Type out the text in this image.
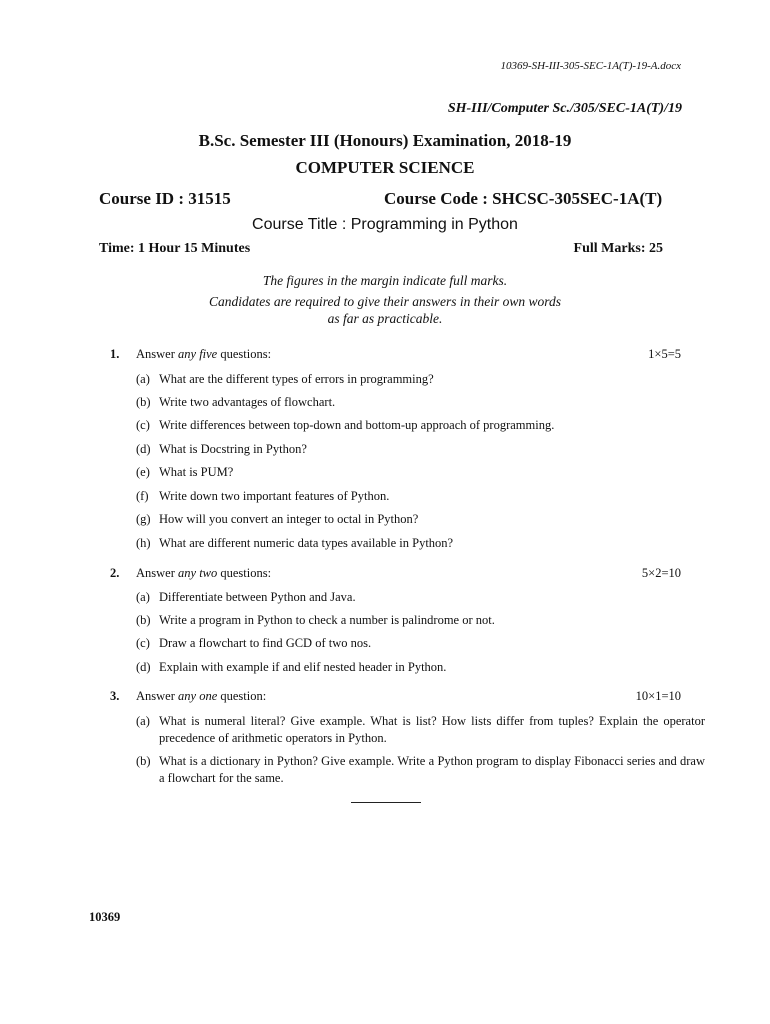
10369-SH-III-305-SEC-1A(T)-19-A.docx
SH-III/Computer Sc./305/SEC-1A(T)/19
B.Sc. Semester III (Honours) Examination, 2018-19
COMPUTER SCIENCE
Course ID : 31515	Course Code : SHCSC-305SEC-1A(T)
Course Title : Programming in Python
Time: 1 Hour 15 Minutes	Full Marks: 25
The figures in the margin indicate full marks.
Candidates are required to give their answers in their own words
as far as practicable.
1. Answer any five questions:	1×5=5
(a) What are the different types of errors in programming?
(b) Write two advantages of flowchart.
(c) Write differences between top-down and bottom-up approach of programming.
(d) What is Docstring in Python?
(e) What is PUM?
(f) Write down two important features of Python.
(g) How will you convert an integer to octal in Python?
(h) What are different numeric data types available in Python?
2. Answer any two questions:	5×2=10
(a) Differentiate between Python and Java.
(b) Write a program in Python to check a number is palindrome or not.
(c) Draw a flowchart to find GCD of two nos.
(d) Explain with example if and elif nested header in Python.
3. Answer any one question:	10×1=10
(a) What is numeral literal? Give example. What is list? How lists differ from tuples? Explain the operator precedence of arithmetic operators in Python.
(b) What is a dictionary in Python? Give example. Write a Python program to display Fibonacci series and draw a flowchart for the same.
10369
